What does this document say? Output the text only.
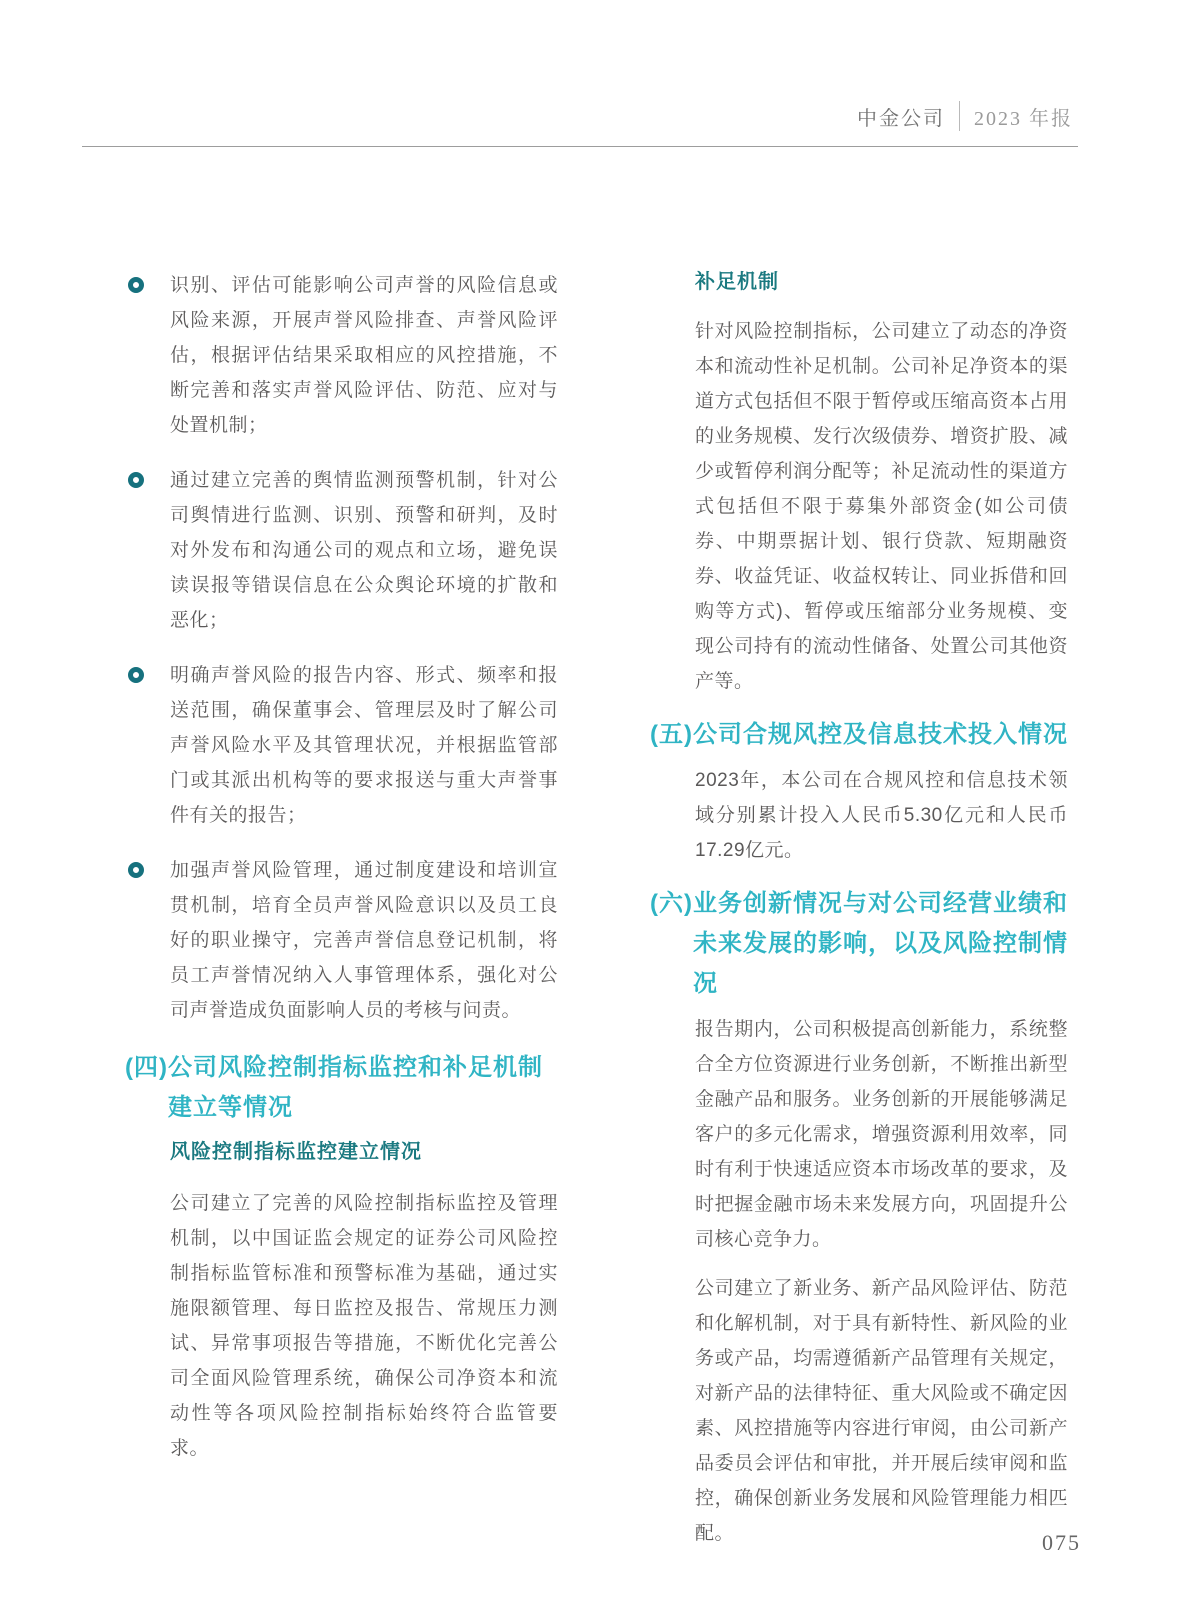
中金公司 2023 年报
识别、评估可能影响公司声誉的风险信息或风险来源，开展声誉风险排查、声誉风险评估，根据评估结果采取相应的风控措施，不断完善和落实声誉风险评估、防范、应对与处置机制；
通过建立完善的舆情监测预警机制，针对公司舆情进行监测、识别、预警和研判，及时对外发布和沟通公司的观点和立场，避免误读误报等错误信息在公众舆论环境的扩散和恶化；
明确声誉风险的报告内容、形式、频率和报送范围，确保董事会、管理层及时了解公司声誉风险水平及其管理状况，并根据监管部门或其派出机构等的要求报送与重大声誉事件有关的报告；
加强声誉风险管理，通过制度建设和培训宣贯机制，培育全员声誉风险意识以及员工良好的职业操守，完善声誉信息登记机制，将员工声誉情况纳入人事管理体系，强化对公司声誉造成负面影响人员的考核与问责。
(四) 公司风险控制指标监控和补足机制建立等情况
风险控制指标监控建立情况

公司建立了完善的风险控制指标监控及管理机制，以中国证监会规定的证券公司风险控制指标监管标准和预警标准为基础，通过实施限额管理、每日监控及报告、常规压力测试、异常事项报告等措施，不断优化完善公司全面风险管理系统，确保公司净资本和流动性等各项风险控制指标始终符合监管要求。

补足机制

针对风险控制指标，公司建立了动态的净资本和流动性补足机制。公司补足净资本的渠道方式包括但不限于暂停或压缩高资本占用的业务规模、发行次级债券、增资扩股、减少或暂停利润分配等；补足流动性的渠道方式包括但不限于募集外部资金(如公司债券、中期票据计划、银行贷款、短期融资券、收益凭证、收益权转让、同业拆借和回购等方式)、暂停或压缩部分业务规模、变现公司持有的流动性储备、处置公司其他资产等。

(五) 公司合规风控及信息技术投入情况

2023年，本公司在合规风控和信息技术领域分别累计投入人民币5.30亿元和人民币17.29亿元。

(六) 业务创新情况与对公司经营业绩和未来发展的影响，以及风险控制情况

报告期内，公司积极提高创新能力，系统整合全方位资源进行业务创新，不断推出新型金融产品和服务。业务创新的开展能够满足客户的多元化需求，增强资源利用效率，同时有利于快速适应资本市场改革的要求，及时把握金融市场未来发展方向，巩固提升公司核心竞争力。

公司建立了新业务、新产品风险评估、防范和化解机制，对于具有新特性、新风险的业务或产品，均需遵循新产品管理有关规定，对新产品的法律特征、重大风险或不确定因素、风控措施等内容进行审阅，由公司新产品委员会评估和审批，并开展后续审阅和监控，确保创新业务发展和风险管理能力相匹配。	075
